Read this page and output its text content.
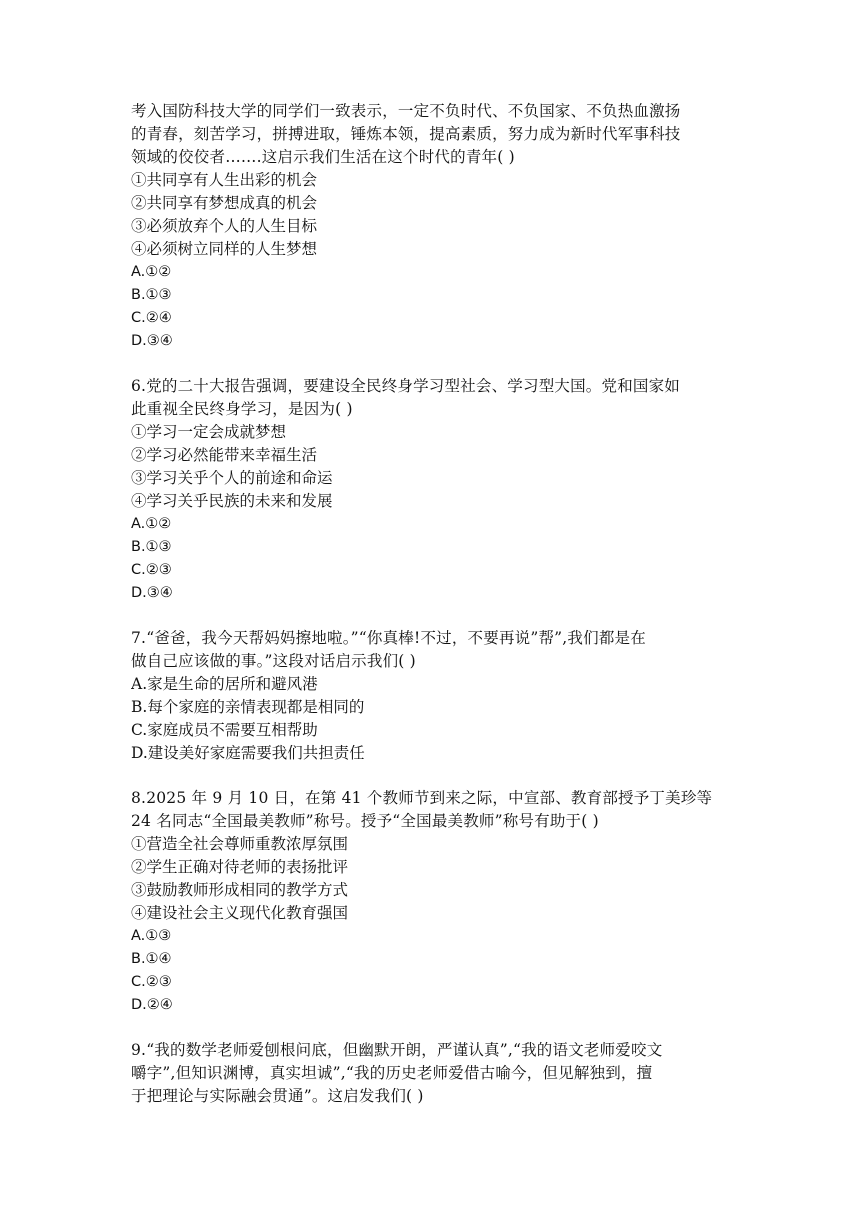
考入国防科技大学的同学们一致表示，一定不负时代、不负国家、不负热血激扬
的青春，刻苦学习，拼搏进取，锤炼本领，提高素质，努力成为新时代军事科技
领域的佼佼者…….这启示我们生活在这个时代的青年( )
①共同享有人生出彩的机会
②共同享有梦想成真的机会
③必须放弃个人的人生目标
④必须树立同样的人生梦想
A.①②
B.①③
C.②④
D.③④
6.党的二十大报告强调，要建设全民终身学习型社会、学习型大国。党和国家如
此重视全民终身学习，是因为( )
①学习一定会成就梦想
②学习必然能带来幸福生活
③学习关乎个人的前途和命运
④学习关乎民族的未来和发展
A.①②
B.①③
C.②③
D.③④
7.“爸爸，我今天帮妈妈擦地啦。”“你真棒!不过，不要再说”帮”,我们都是在
做自己应该做的事。”这段对话启示我们( )
A.家是生命的居所和避风港
B.每个家庭的亲情表现都是相同的
C.家庭成员不需要互相帮助
D.建设美好家庭需要我们共担责任
8.2025 年 9 月 10 日，在第 41 个教师节到来之际，中宣部、教育部授予丁美珍等
24 名同志“全国最美教师”称号。授予“全国最美教师”称号有助于( )
①营造全社会尊师重教浓厚氛围
②学生正确对待老师的表扬批评
③鼓励教师形成相同的教学方式
④建设社会主义现代化教育强国
A.①③
B.①④
C.②③
D.②④
9.“我的数学老师爱刨根问底，但幽默开朗，严谨认真”,“我的语文老师爱咬文
嚼字”,但知识渊博，真实坦诚”,“我的历史老师爱借古喻今，但见解独到，擅
于把理论与实际融会贯通”。这启发我们( )
